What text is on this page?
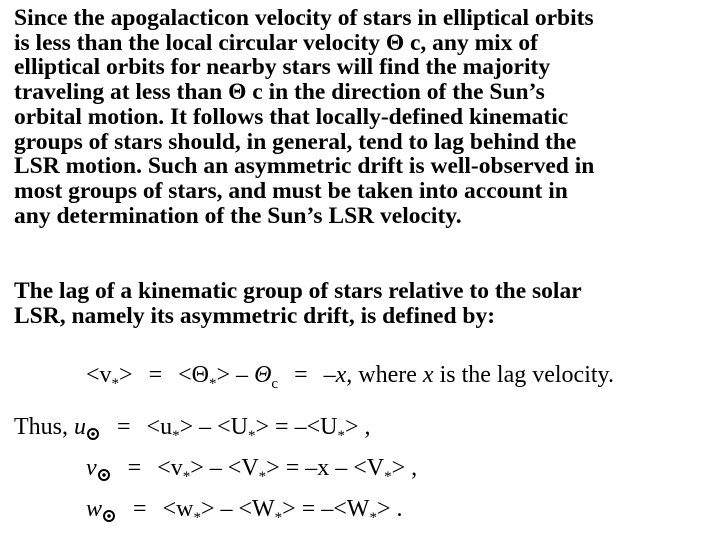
Since the apogalacticon velocity of stars in elliptical orbits
is less than the local circular velocity Θ c, any mix of
elliptical orbits for nearby stars will find the majority
traveling at less than Θ c in the direction of the Sun’s
orbital motion. It follows that locally-defined kinematic
groups of stars should, in general, tend to lag behind the
LSR motion. Such an asymmetric drift is well-observed in
most groups of stars, and must be taken into account in
any determination of the Sun’s LSR velocity.
The lag of a kinematic group of stars relative to the solar
LSR, namely its asymmetric drift, is defined by:
$<v_*> = <\Theta_*> - \Theta_c = -x$, where x is the lag velocity.
Thus, $u = <u_*> - <U_*> = -<U_*>$ ,
$v = <v_*> - <V_*> = -x - <V_*>$ ,
$w = <w_*> - <W_*> = -<W_*>$ .
